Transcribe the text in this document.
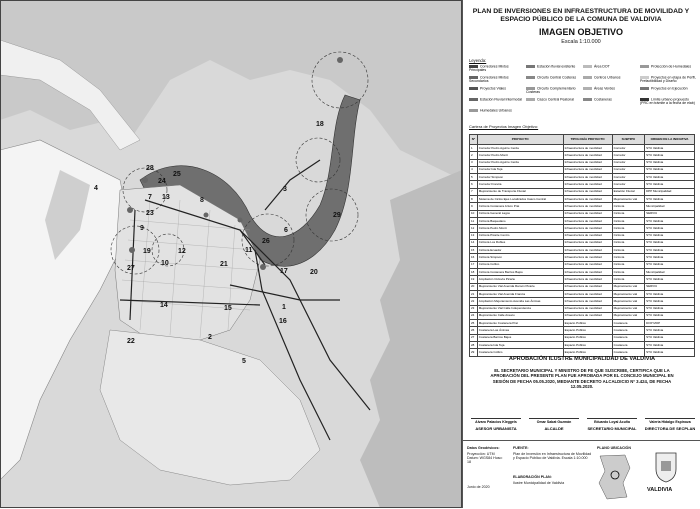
18
29
3
26
6
17	20
28
25
24
13
7	8
23
4
9
19	12	11
21
10
27
14	15	1
16
2
22
5
PLAN DE INVERSIONES EN INFRAESTRUCTURA DE MOVILIDAD Y ESPACIO PÚBLICO DE LA COMUNA DE VALDIVIA
IMAGEN OBJETIVO
Escala 1:10.000
Leyenda:
Corredores Mixtos Principales
Estación fluvial existente	Área DOT	Protección de Humedales
Corredores Mixtos Secundarios
Circuito Central Costeras	Centros Urbanos	Proyectos en etapa de Perfil, Prefactibilidad y Diseño
Proyectos Viales	Circuito Complementario Costeras
Áreas Verdes	Proyectos en Ejecución
Estación Fluvial Intermodal	Casco Central Peatonal	Costaneras	Límite urbano propuesto (PRC en trámite a la fecha de elab)
Humedales Urbanos
Cartera de Proyectos Imagen Objetivo:
Nº	PROYECTO	TIPOLOGÍA PROYECTO	SUBTIPO	ORIGEN DE LA INICIATIVA
1	Corredor Pedro Aguirre Cerda	Infraestructura de movilidad	Corredor	STU Valdivia
2	Corredor Pedro Montt	Infraestructura de movilidad	Corredor	STU Valdivia
3	Corredor Pedro Aguirre Cerda	Infraestructura de movilidad	Corredor	STU Valdivia
4	Corredor Isla Teja	Infraestructura de movilidad	Corredor	STU Valdivia
5	Corredor Simpson	Infraestructura de movilidad	Corredor	STU Valdivia
6	Corredor Francia	Infraestructura de movilidad	Corredor	STU Valdivia
7	Mejoramiento de Transporte Fluvial	Infraestructura de movilidad	Estación Fluvial	DPP Municipalidad
8	Sistema de Ciclos Ejes Localizados Casco Central	Infraestructura de movilidad	Mejoramiento vial	STU Valdivia
9	Ciclovía Costanera Arturo Prat	Infraestructura de movilidad	Ciclovía	Municipalidad
10	Ciclovía General Lagos	Infraestructura de movilidad	Ciclovía	SERVIU
11	Ciclovía Baquedano	Infraestructura de movilidad	Ciclovía	STU Valdivia
12	Ciclovía Pedro Montt	Infraestructura de movilidad	Ciclovía	STU Valdivia
13	Ciclovía Picarte Centro	Infraestructura de movilidad	Ciclovía	STU Valdivia
14	Ciclovía Los Robles	Infraestructura de movilidad	Ciclovía	STU Valdivia
15	Ciclovía Ecuador	Infraestructura de movilidad	Ciclovía	STU Valdivia
16	Ciclovía Simpson	Infraestructura de movilidad	Ciclovía	STU Valdivia
17	Ciclovía Collico	Infraestructura de movilidad	Ciclovía	STU Valdivia
18	Ciclovía Costanera Barrios Bajos	Infraestructura de movilidad	Ciclovía	Municipalidad
19	Ampliación Ciclovía Picarte	Infraestructura de movilidad	Ciclovía	STU Valdivia
20	Mejoramiento Vial Avenida Ramón Picarte	Infraestructura de movilidad	Mejoramiento vial	SERVIU
21	Mejoramiento Vial Avenida Francia	Infraestructura de movilidad	Mejoramiento vial	STU Valdivia
22	Ampliación Mejoramiento Avenida Las Ánimas	Infraestructura de movilidad	Mejoramiento vial	STU Valdivia
23	Mejoramiento Vial Calle Independencia	Infraestructura de movilidad	Mejoramiento vial	STU Valdivia
24	Mejoramiento Calle Arauco	Infraestructura de movilidad	Mejoramiento vial	STU Valdivia
25	Mejoramiento Costanera Prat	Espacio Público	Costanera	DOP MOP
26	Costanera Las Ánimas	Espacio Público	Costanera	STU Valdivia
27	Costanera Barrios Bajos	Espacio Público	Costanera	STU Valdivia
28	Costanera Isla Teja	Espacio Público	Costanera	STU Valdivia
29	Costanera Collico	Espacio Público	Costanera	STU Valdivia
APROBACIÓN ILUSTRE MUNICIPALIDAD DE VALDIVIA
EL SECRETARIO MUNICIPAL Y MINISTRO DE FE QUE SUSCRIBE, CERTIFICA QUE LA APROBACIÓN DEL PRESENTE PLAN FUE APROBADA POR EL CONCEJO MUNICIPAL EN SESIÓN DE FECHA 05.05.2020, MEDIANTE DECRETO ALCALDICIO Nº 3.424, DE FECHA 12.05.2020.
Alvaro Palacios Kleggels
ASESOR URBANISTA
Omar Sabat Guzmán
ALCALDE
Eduardo Loyal Acuña
SECRETARIO MUNICIPAL
Valeria Hidalgo Espinoza
DIRECTORA DE SECPLAN
Datos Geodésicos:
Proyección: UTM Datum: WGS84 Huso: 18
Junio de 2020
FUENTE:
Plan de Inversión en Infraestructura de Movilidad y Espacio Público de Valdivia. Escala 1:10.000
ELABORACIÓN PLAN:
Ilustre Municipalidad de Valdivia
PLANO UBICACIÓN
VALDIVIA
